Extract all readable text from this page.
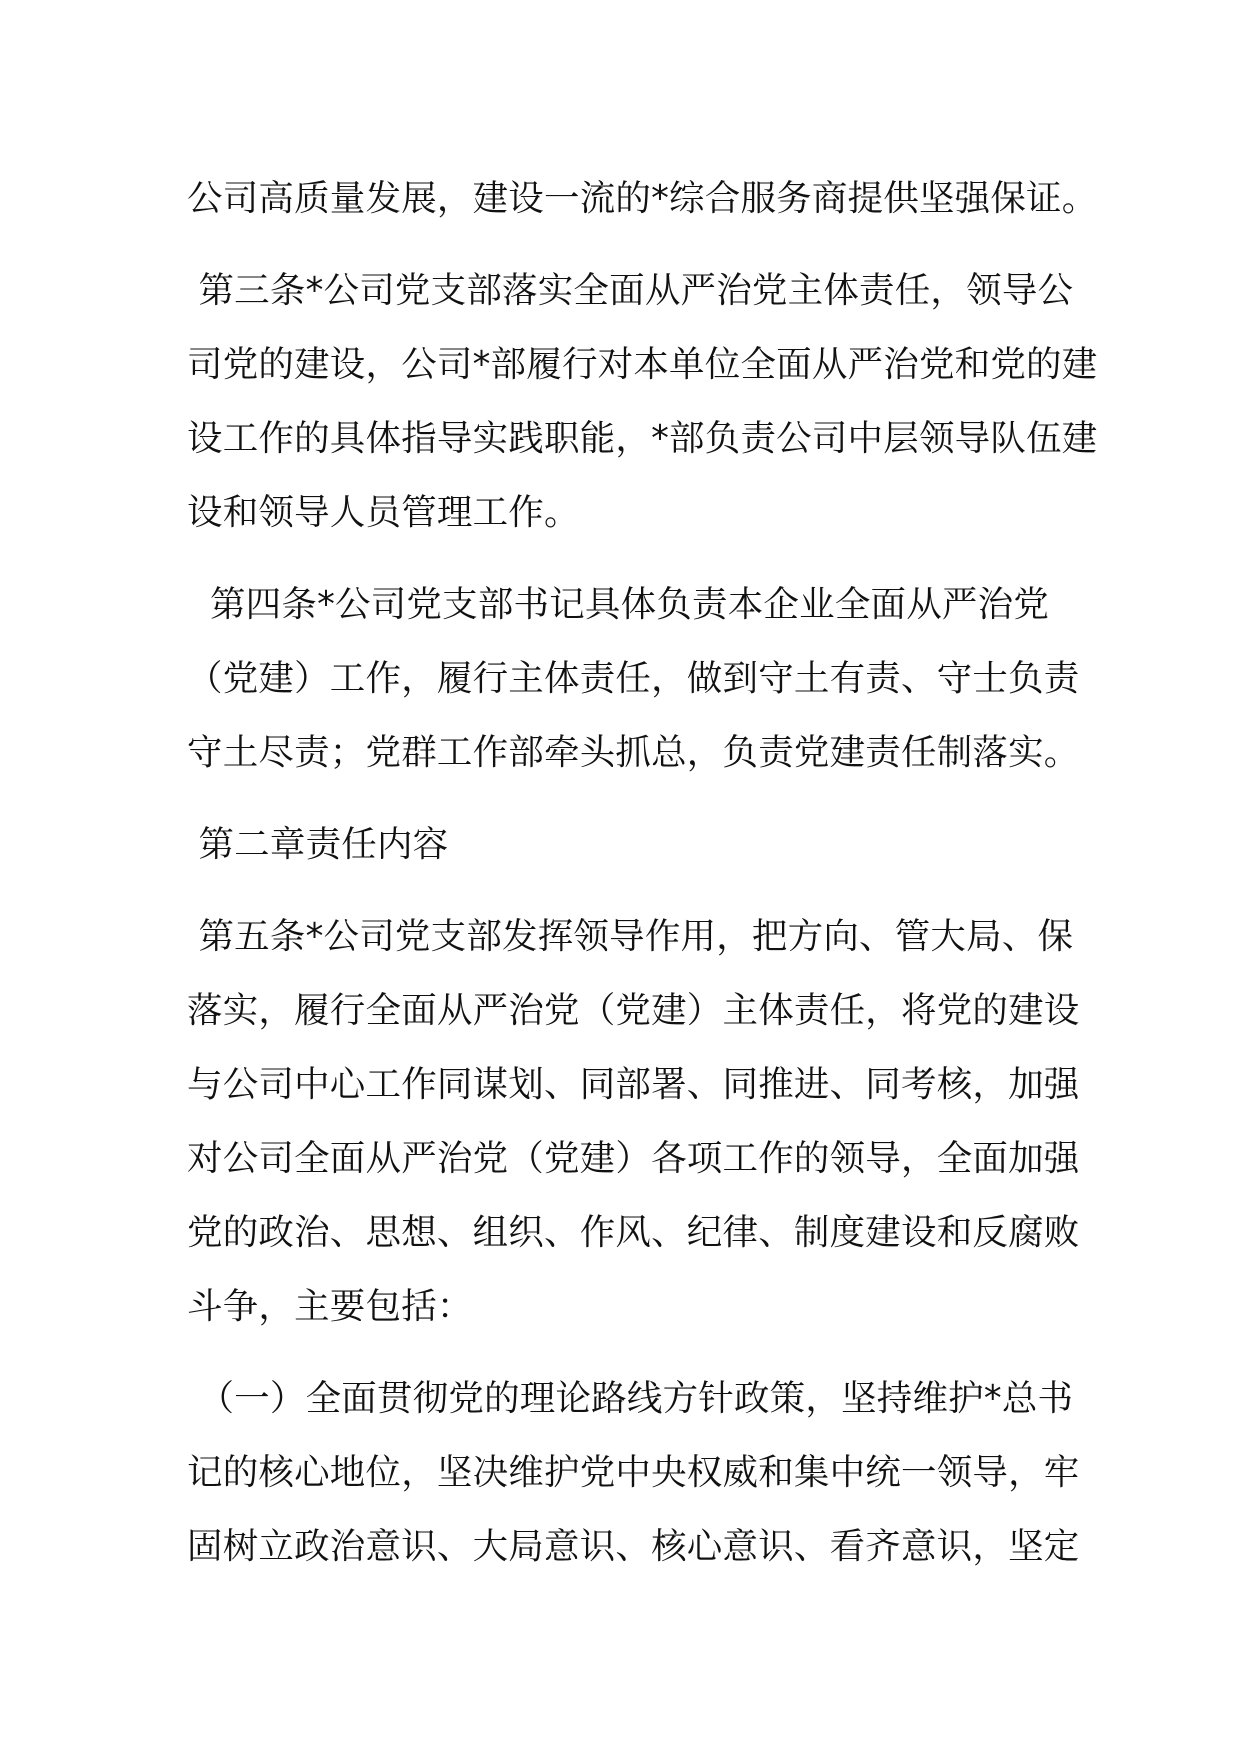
公司高质量发展，建设一流的*综合服务商提供坚强保证。
第三条*公司党支部落实全面从严治党主体责任，领导公
司党的建设，公司*部履行对本单位全面从严治党和党的建
设工作的具体指导实践职能，*部负责公司中层领导队伍建
设和领导人员管理工作。
第四条*公司党支部书记具体负责本企业全面从严治党
（党建）工作，履行主体责任，做到守土有责、守士负责
守土尽责；党群工作部牵头抓总，负责党建责任制落实。
第二章责任内容
第五条*公司党支部发挥领导作用，把方向、管大局、保
落实，履行全面从严治党（党建）主体责任，将党的建设
与公司中心工作同谋划、同部署、同推进、同考核，加强
对公司全面从严治党（党建）各项工作的领导，全面加强
党的政治、思想、组织、作风、纪律、制度建设和反腐败
斗争，主要包括：
（一）全面贯彻党的理论路线方针政策，坚持维护*总书
记的核心地位，坚决维护党中央权威和集中统一领导，牢
固树立政治意识、大局意识、核心意识、看齐意识，坚定
